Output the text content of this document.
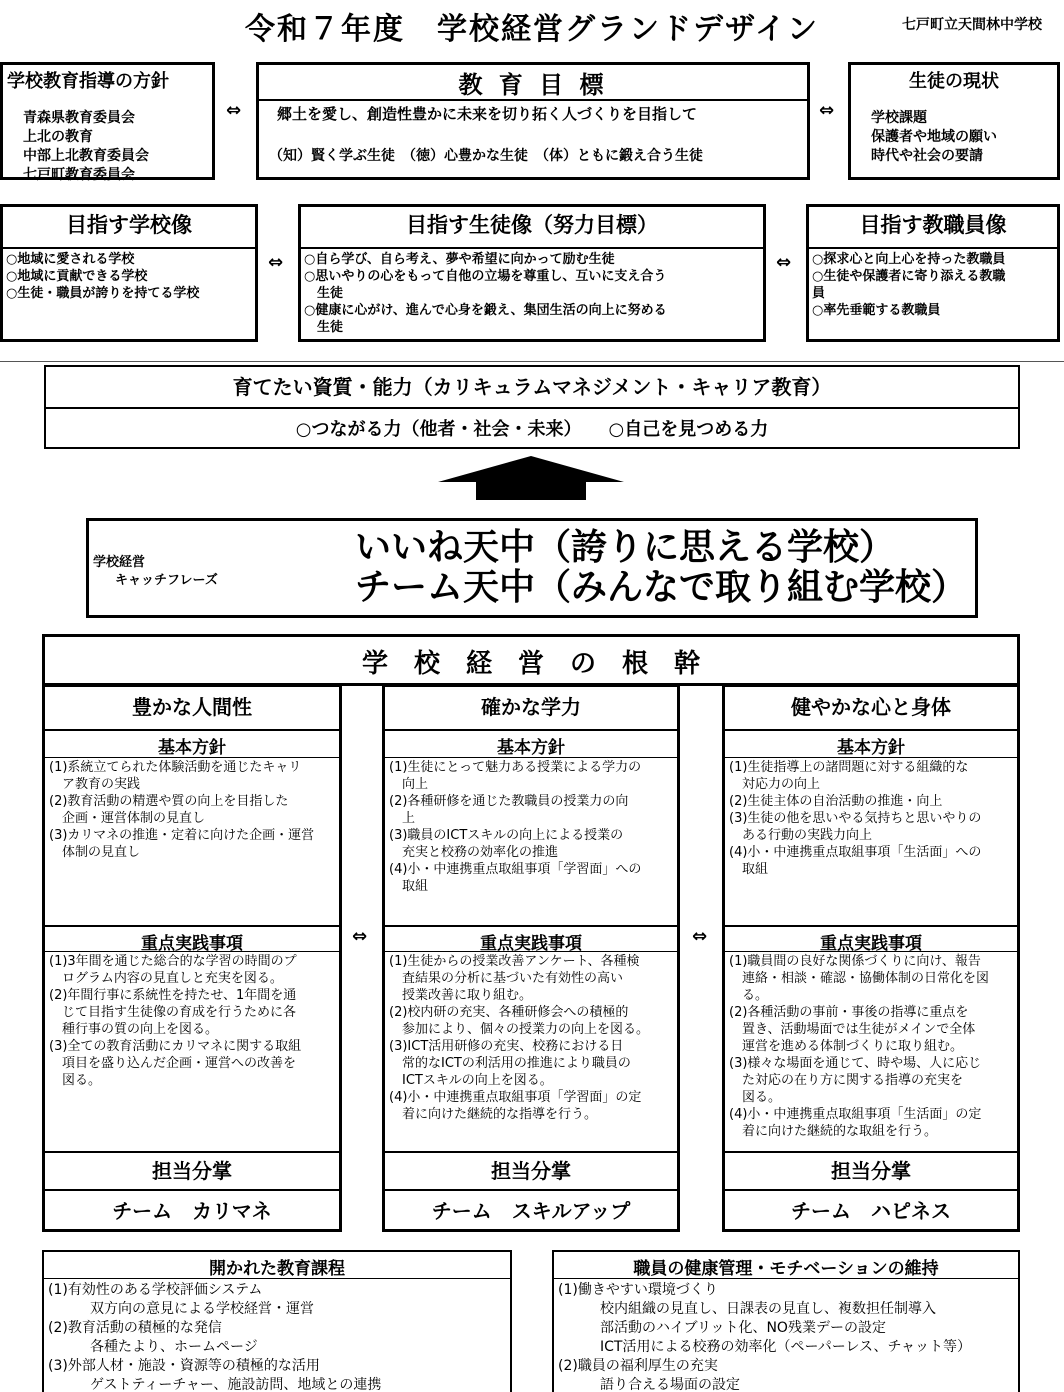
令和７年度　学校経営グランドデザイン	七戸町立天間林中学校
学校教育指導の方針
青森県教育委員会
上北の教育
中部上北教育委員会
七戸町教育委員会
⇔
教 育 目 標
郷土を愛し、創造性豊かに未来を切り拓く人づくりを目指して
（知）賢く学ぶ生徒　（徳）心豊かな生徒　（体）ともに鍛え合う生徒
⇔
生徒の現状
学校課題
保護者や地域の願い
時代や社会の要請
目指す学校像
○地域に愛される学校
○地域に貢献できる学校
○生徒・職員が誇りを持てる学校
⇔
目指す生徒像（努力目標）
○自ら学び、自ら考え、夢や希望に向かって励む生徒
○思いやりの心をもって自他の立場を尊重し、互いに支え合う
　生徒
○健康に心がけ、進んで心身を鍛え、集団生活の向上に努める
　生徒
⇔
目指す教職員像
○探求心と向上心を持った教職員
○生徒や保護者に寄り添える教職
員
○率先垂範する教職員
育てたい資質・能力（カリキュラムマネジメント・キャリア教育）
○つながる力（他者・社会・未来）　　○自己を見つめる力
学校経営
キャッチフレーズ
いいね天中（誇りに思える学校）
チーム天中（みんなで取り組む学校）
学　校　経　営　の　根　幹
豊かな人間性
基本方針
(1)系統立てられた体験活動を通じたキャリ
　ア教育の実践
(2)教育活動の精選や質の向上を目指した
　企画・運営体制の見直し
(3)カリマネの推進・定着に向けた企画・運営
　体制の見直し
重点実践事項
(1)3年間を通じた総合的な学習の時間のプ
　ログラム内容の見直しと充実を図る。
(2)年間行事に系統性を持たせ、1年間を通
　じて目指す生徒像の育成を行うために各
　種行事の質の向上を図る。
(3)全ての教育活動にカリマネに関する取組
　項目を盛り込んだ企画・運営への改善を
　図る。
担当分掌
チーム　カリマネ
⇔
確かな学力
基本方針
(1)生徒にとって魅力ある授業による学力の
　向上
(2)各種研修を通じた教職員の授業力の向
　上
(3)職員のICTスキルの向上による授業の
　充実と校務の効率化の推進
(4)小・中連携重点取組事項「学習面」への
　取組
重点実践事項
(1)生徒からの授業改善アンケート、各種検
　査結果の分析に基づいた有効性の高い
　授業改善に取り組む。
(2)校内研の充実、各種研修会への積極的
　参加により、個々の授業力の向上を図る。
(3)ICT活用研修の充実、校務における日
　常的なICTの利活用の推進により職員の
　ICTスキルの向上を図る。
(4)小・中連携重点取組事項「学習面」の定
　着に向けた継続的な指導を行う。
担当分掌
チーム　スキルアップ
⇔
健やかな心と身体
基本方針
(1)生徒指導上の諸問題に対する組織的な
　対応力の向上
(2)生徒主体の自治活動の推進・向上
(3)生徒の他を思いやる気持ちと思いやりの
　ある行動の実践力向上
(4)小・中連携重点取組事項「生活面」への
　取組
重点実践事項
(1)職員間の良好な関係づくりに向け、報告
　連絡・相談・確認・協働体制の日常化を図
　る。
(2)各種活動の事前・事後の指導に重点を
　置き、活動場面では生徒がメインで全体
　運営を進める体制づくりに取り組む。
(3)様々な場面を通じて、時や場、人に応じ
　た対応の在り方に関する指導の充実を
　図る。
(4)小・中連携重点取組事項「生活面」の定
　着に向けた継続的な取組を行う。
担当分掌
チーム　ハピネス
開かれた教育課程
(1)有効性のある学校評価システム
　　　双方向の意見による学校経営・運営
(2)教育活動の積極的な発信
　　　各種たより、ホームページ
(3)外部人材・施設・資源等の積極的な活用
　　　ゲストティーチャー、施設訪問、地域との連携
職員の健康管理・モチベーションの維持
(1)働きやすい環境づくり
　　　校内組織の見直し、日課表の見直し、複数担任制導入
　　　部活動のハイブリット化、NO残業デーの設定
　　　ICT活用による校務の効率化（ペーパーレス、チャット等）
(2)職員の福利厚生の充実
　　　語り合える場面の設定
